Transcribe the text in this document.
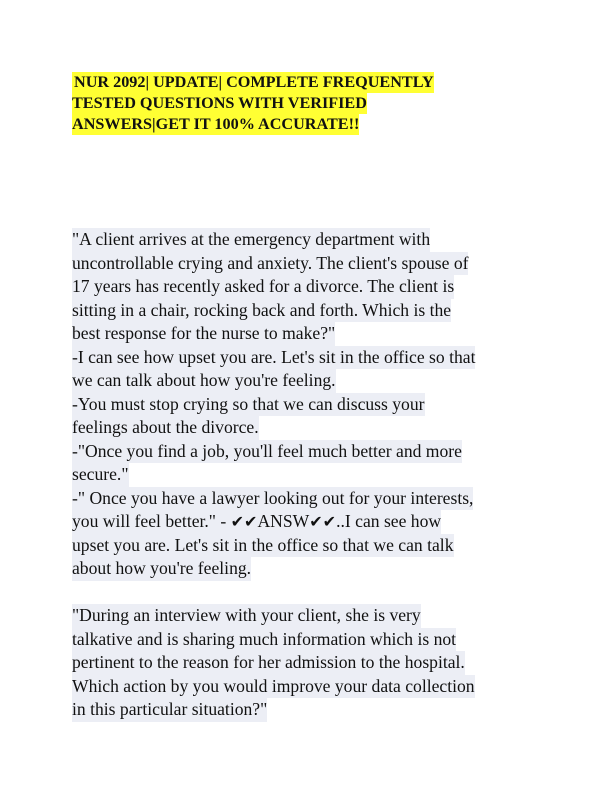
NUR 2092| UPDATE| COMPLETE FREQUENTLY
TESTED QUESTIONS WITH VERIFIED
ANSWERS|GET IT 100% ACCURATE!!
"A client arrives at the emergency department with
uncontrollable crying and anxiety. The client's spouse of
17 years has recently asked for a divorce. The client is
sitting in a chair, rocking back and forth. Which is the
best response for the nurse to make?"
-I can see how upset you are. Let's sit in the office so that
we can talk about how you're feeling.
-You must stop crying so that we can discuss your
feelings about the divorce.
-"Once you find a job, you'll feel much better and more
secure."
-" Once you have a lawyer looking out for your interests,
you will feel better." - ✔✔ANSW✔✔..I can see how
upset you are. Let's sit in the office so that we can talk
about how you're feeling.
"During an interview with your client, she is very
talkative and is sharing much information which is not
pertinent to the reason for her admission to the hospital.
Which action by you would improve your data collection
in this particular situation?"
